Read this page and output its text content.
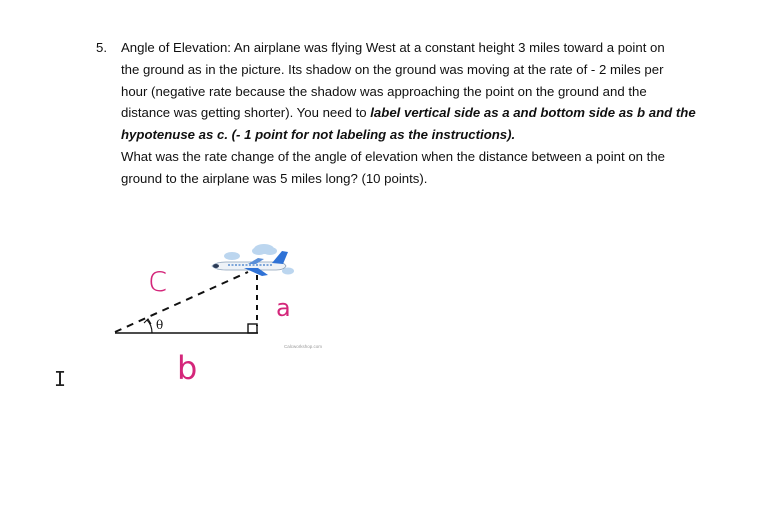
5. Angle of Elevation: An airplane was flying West at a constant height 3 miles toward a point on
the ground as in the picture. Its shadow on the ground was moving at the rate of - 2 miles per
hour (negative rate because the shadow was approaching the point on the ground and the
distance was getting shorter). You need to label vertical side as a and bottom side as b and the
hypotenuse as c. (- 1 point for not labeling as the instructions).
What was the rate change of the angle of elevation when the distance between a point on the
ground to the airplane was 5 miles long? (10 points).
θ
c
a
b
Calcworkshop.com
I
